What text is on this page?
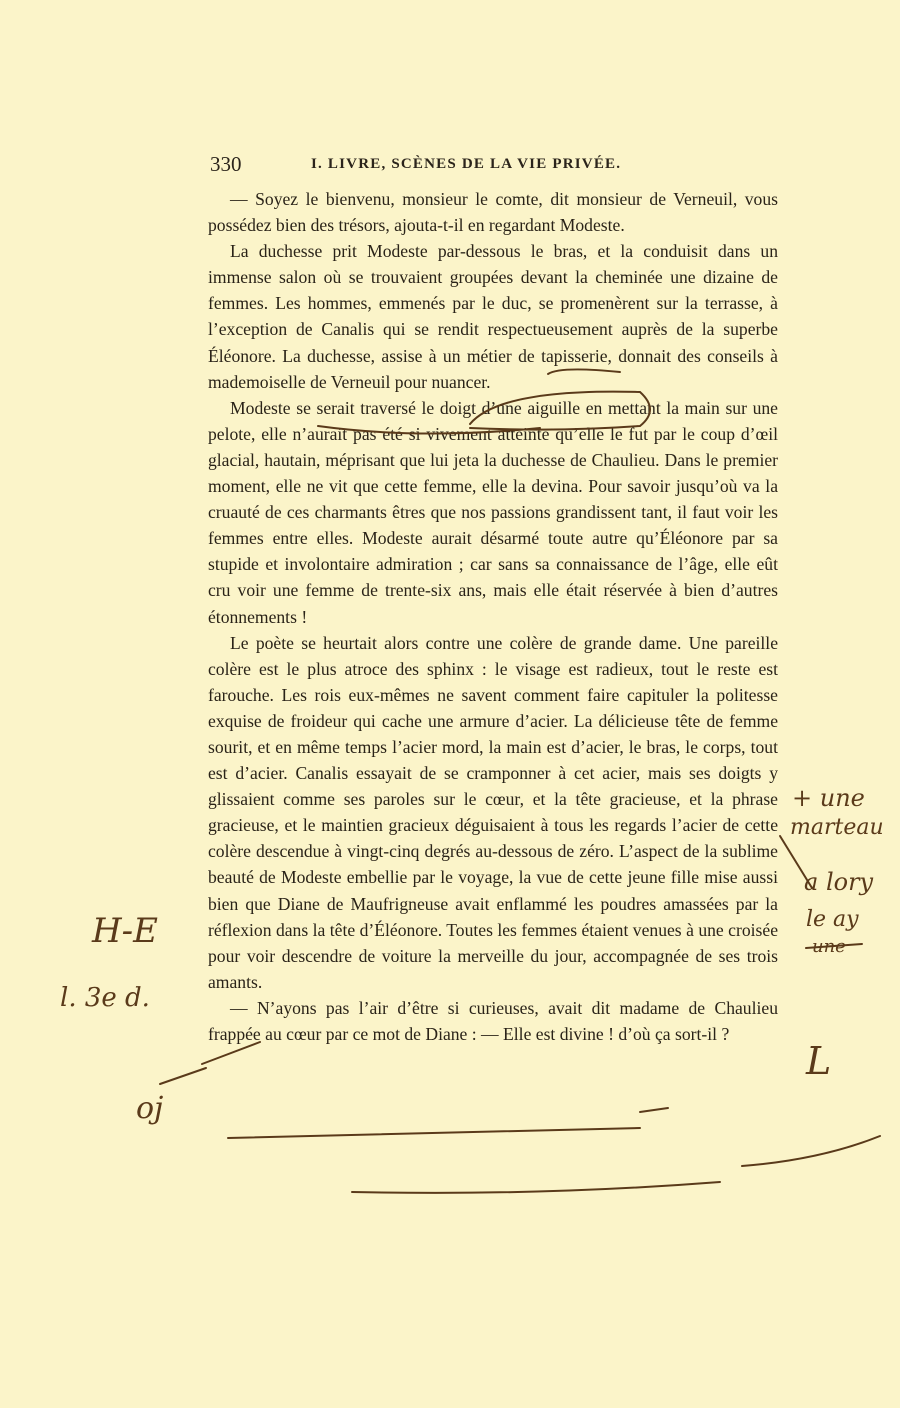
330	I. LIVRE, SCÈNES DE LA VIE PRIVÉE.

— Soyez le bienvenu, monsieur le comte, dit monsieur de Verneuil, vous possédez bien des trésors, ajouta-t-il en regardant Modeste.

La duchesse prit Modeste par-dessous le bras, et la conduisit dans un immense salon où se trouvaient groupées devant la cheminée une dizaine de femmes. Les hommes, emmenés par le duc, se promenèrent sur la terrasse, à l’exception de Canalis qui se rendit respectueusement auprès de la superbe Éléonore. La duchesse, assise à un métier de tapisserie, donnait des conseils à mademoiselle de Verneuil pour nuancer.

Modeste se serait traversé le doigt d’une aiguille en mettant la main sur une pelote, elle n’aurait pas été si vivement atteinte qu’elle le fut par le coup d’œil glacial, hautain, méprisant que lui jeta la duchesse de Chaulieu. Dans le premier moment, elle ne vit que cette femme, elle la devina. Pour savoir jusqu’où va la cruauté de ces charmants êtres que nos passions grandissent tant, il faut voir les femmes entre elles. Modeste aurait désarmé toute autre qu’Éléonore par sa stupide et involontaire admiration ; car sans sa connaissance de l’âge, elle eût cru voir une femme de trente-six ans, mais elle était réservée à bien d’autres étonnements !

Le poète se heurtait alors contre une colère de grande dame. Une pareille colère est le plus atroce des sphinx : le visage est radieux, tout le reste est farouche. Les rois eux-mêmes ne savent comment faire capituler la politesse exquise de froideur qui cache une armure d’acier. La délicieuse tête de femme sourit, et en même temps l’acier mord, la main est d’acier, le bras, le corps, tout est d’acier. Canalis essayait de se cramponner à cet acier, mais ses doigts y glissaient comme ses paroles sur le cœur, et la tête gracieuse, et la phrase gracieuse, et le maintien gracieux déguisaient à tous les regards l’acier de cette colère descendue à vingt-cinq degrés au-dessous de zéro. L’aspect de la sublime beauté de Modeste embellie par le voyage, la vue de cette jeune fille mise aussi bien que Diane de Maufrigneuse avait enflammé les poudres amassées par la réflexion dans la tête d’Éléonore. Toutes les femmes étaient venues à une croisée pour voir descendre de voiture la merveille du jour, accompagnée de ses trois amants.

— N’ayons pas l’air d’être si curieuses, avait dit madame de Chaulieu frappée au cœur par ce mot de Diane : — Elle est divine ! d’où ça sort-il ?

H-E
l. 3e d.
oj
+ une
marteau
a lory
le ay
une
L
